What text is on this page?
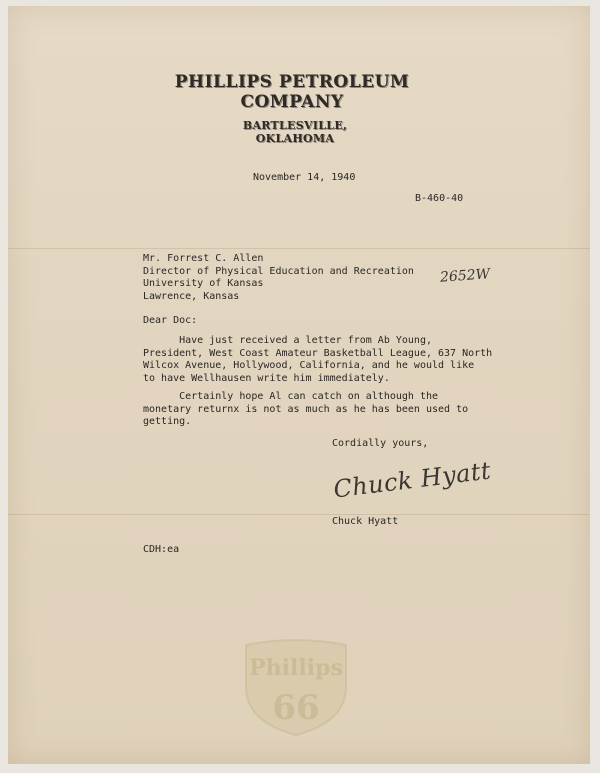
PHILLIPS PETROLEUM COMPANY
BARTLESVILLE, OKLAHOMA
November 14, 1940
B-460-40
2652W
Mr. Forrest C. Allen
Director of Physical Education and Recreation
University of Kansas
Lawrence, Kansas
Dear Doc:
Have just received a letter from Ab Young,
President, West Coast Amateur Basketball League, 637 North
Wilcox Avenue, Hollywood, California, and he would like
to have Wellhausen write him immediately.
Certainly hope Al can catch on although the
monetary returnx is not as much as he has been used to
getting.
Cordially yours,
Chuck Hyatt
Chuck Hyatt
CDH:ea
Phillips
66
